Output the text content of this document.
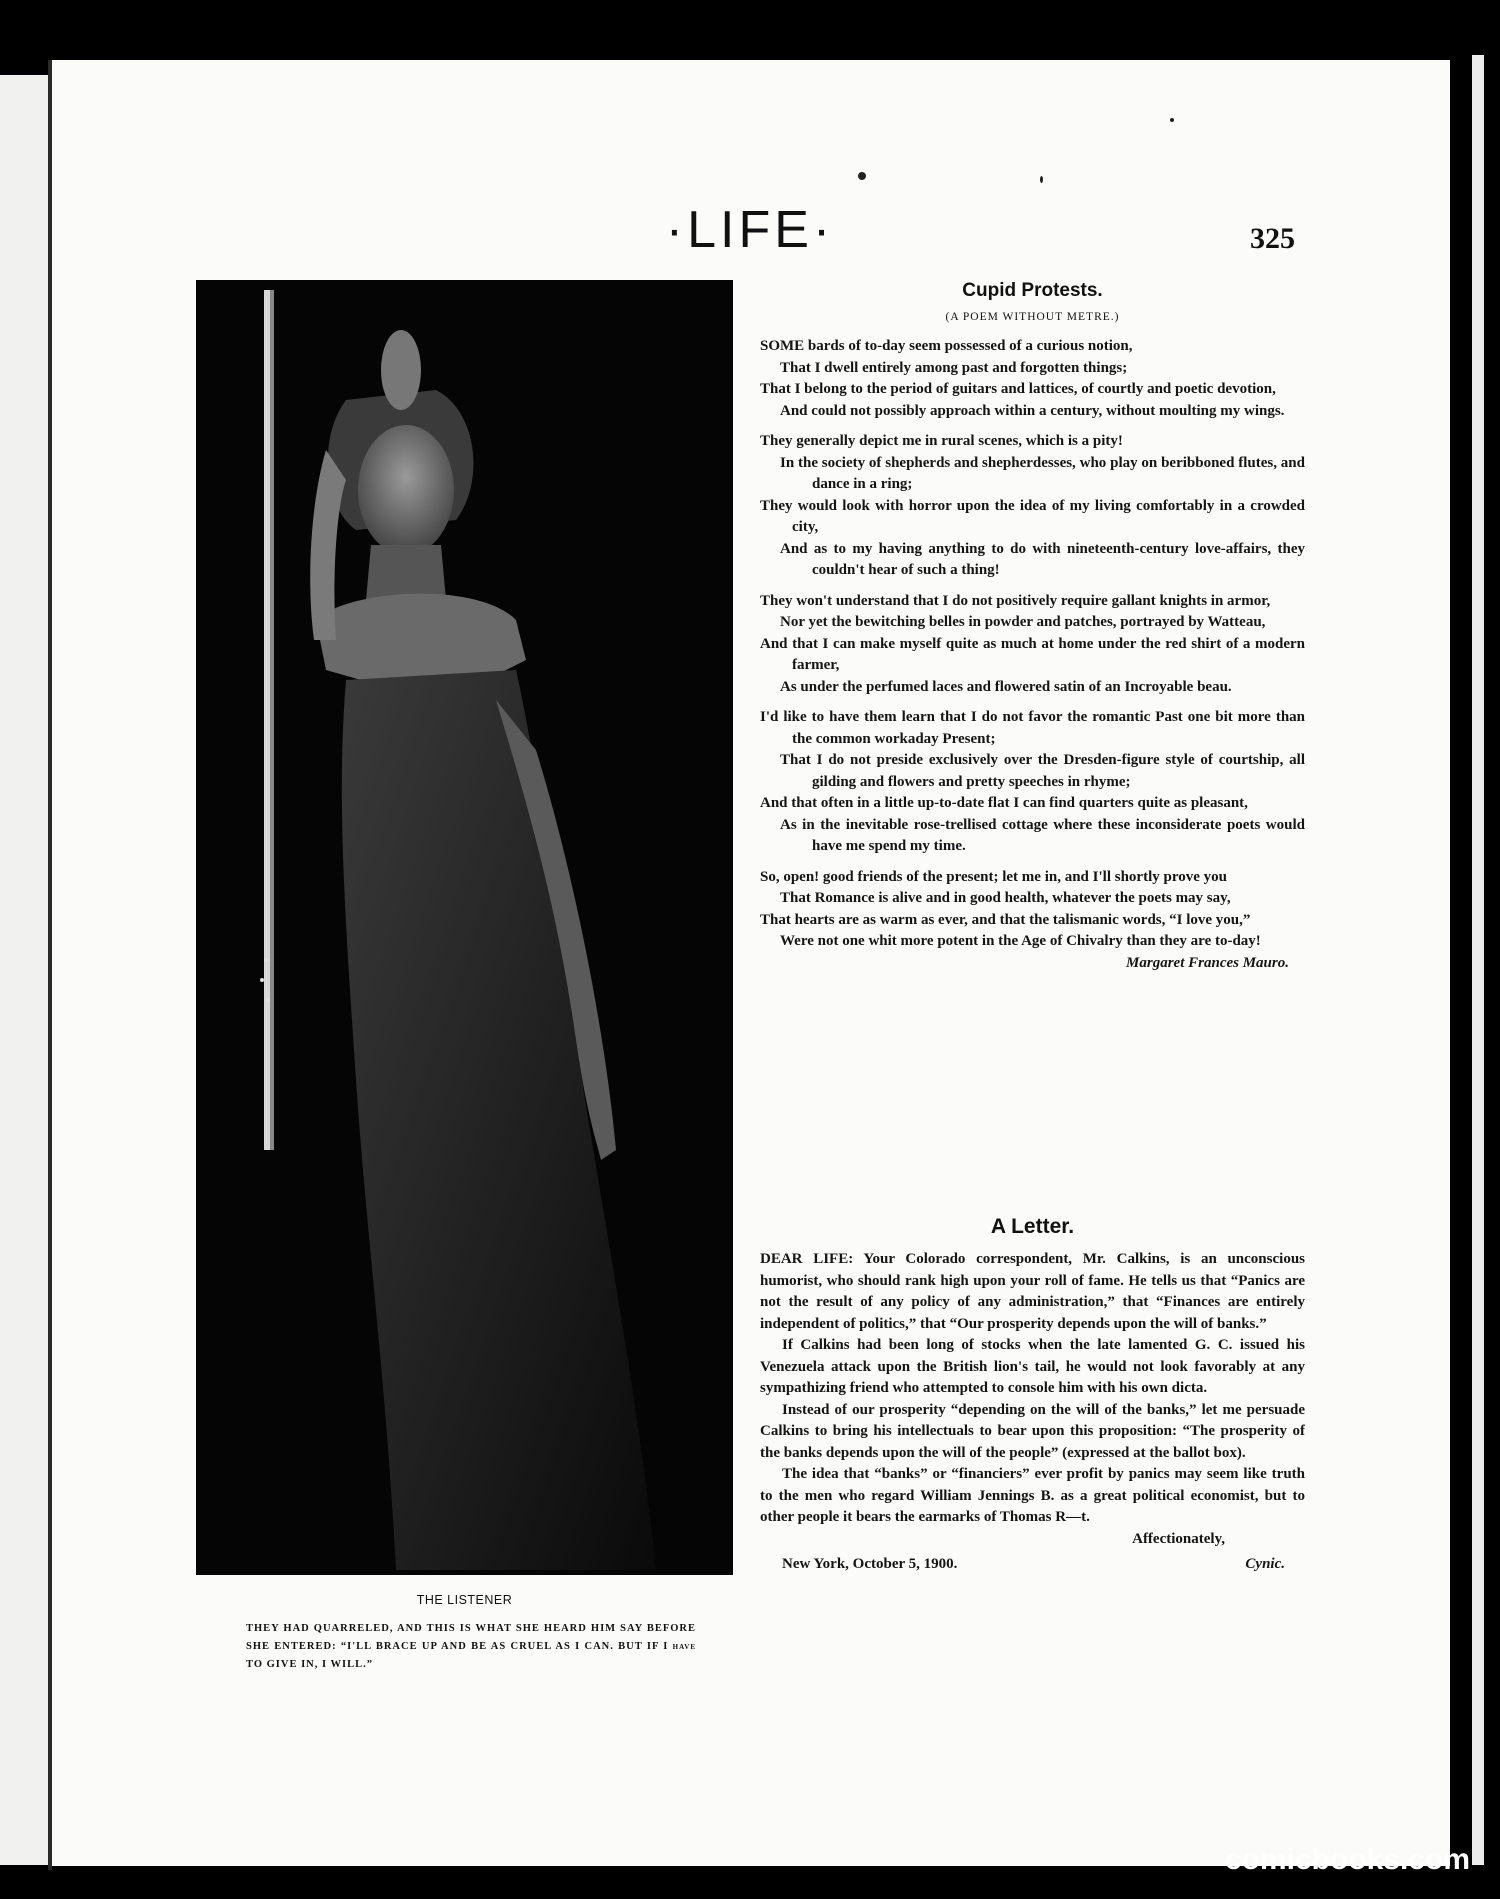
·LIFE·	325
THE LISTENER
THEY HAD QUARRELED, AND THIS IS WHAT SHE HEARD HIM SAY BEFORE SHE ENTERED: “I'LL BRACE UP AND BE AS CRUEL AS I CAN. BUT IF I have TO GIVE IN, I WILL.”
Cupid Protests.
(A POEM WITHOUT METRE.)

SOME bards of to-day seem possessed of a curious notion,

That I dwell entirely among past and forgotten things;

That I belong to the period of guitars and lattices, of courtly and poetic devotion,

And could not possibly approach within a century, without moulting my wings.

They generally depict me in rural scenes, which is a pity!

In the society of shepherds and shepherdesses, who play on beribboned flutes, and dance in a ring;

They would look with horror upon the idea of my living comfortably in a crowded city,

And as to my having anything to do with nineteenth-century love-affairs, they couldn't hear of such a thing!

They won't understand that I do not positively require gallant knights in armor,

Nor yet the bewitching belles in powder and patches, portrayed by Watteau,

And that I can make myself quite as much at home under the red shirt of a modern farmer,

As under the perfumed laces and flowered satin of an Incroyable beau.

I'd like to have them learn that I do not favor the romantic Past one bit more than the common workaday Present;

That I do not preside exclusively over the Dresden-figure style of courtship, all gilding and flowers and pretty speeches in rhyme;

And that often in a little up-to-date flat I can find quarters quite as pleasant,

As in the inevitable rose-trellised cottage where these inconsiderate poets would have me spend my time.

So, open! good friends of the present; let me in, and I'll shortly prove you

That Romance is alive and in good health, whatever the poets may say,

That hearts are as warm as ever, and that the talismanic words, “I love you,”

Were not one whit more potent in the Age of Chivalry than they are to-day!
Margaret Frances Mauro.

A Letter.

DEAR LIFE: Your Colorado correspondent, Mr. Calkins, is an unconscious humorist, who should rank high upon your roll of fame. He tells us that “Panics are not the result of any policy of any administration,” that “Finances are entirely independent of politics,” that “Our prosperity depends upon the will of banks.”

If Calkins had been long of stocks when the late lamented G. C. issued his Venezuela attack upon the British lion's tail, he would not look favorably at any sympathizing friend who attempted to console him with his own dicta.

Instead of our prosperity “depending on the will of the banks,” let me persuade Calkins to bring his intellectuals to bear upon this proposition: “The prosperity of the banks depends upon the will of the people” (expressed at the ballot box).

The idea that “banks” or “financiers” ever profit by panics may seem like truth to the men who regard William Jennings B. as a great political economist, but to other people it bears the earmarks of Thomas R—t.

Affectionately,
New York, October 5, 1900.	Cynic.
comicbooks.com
